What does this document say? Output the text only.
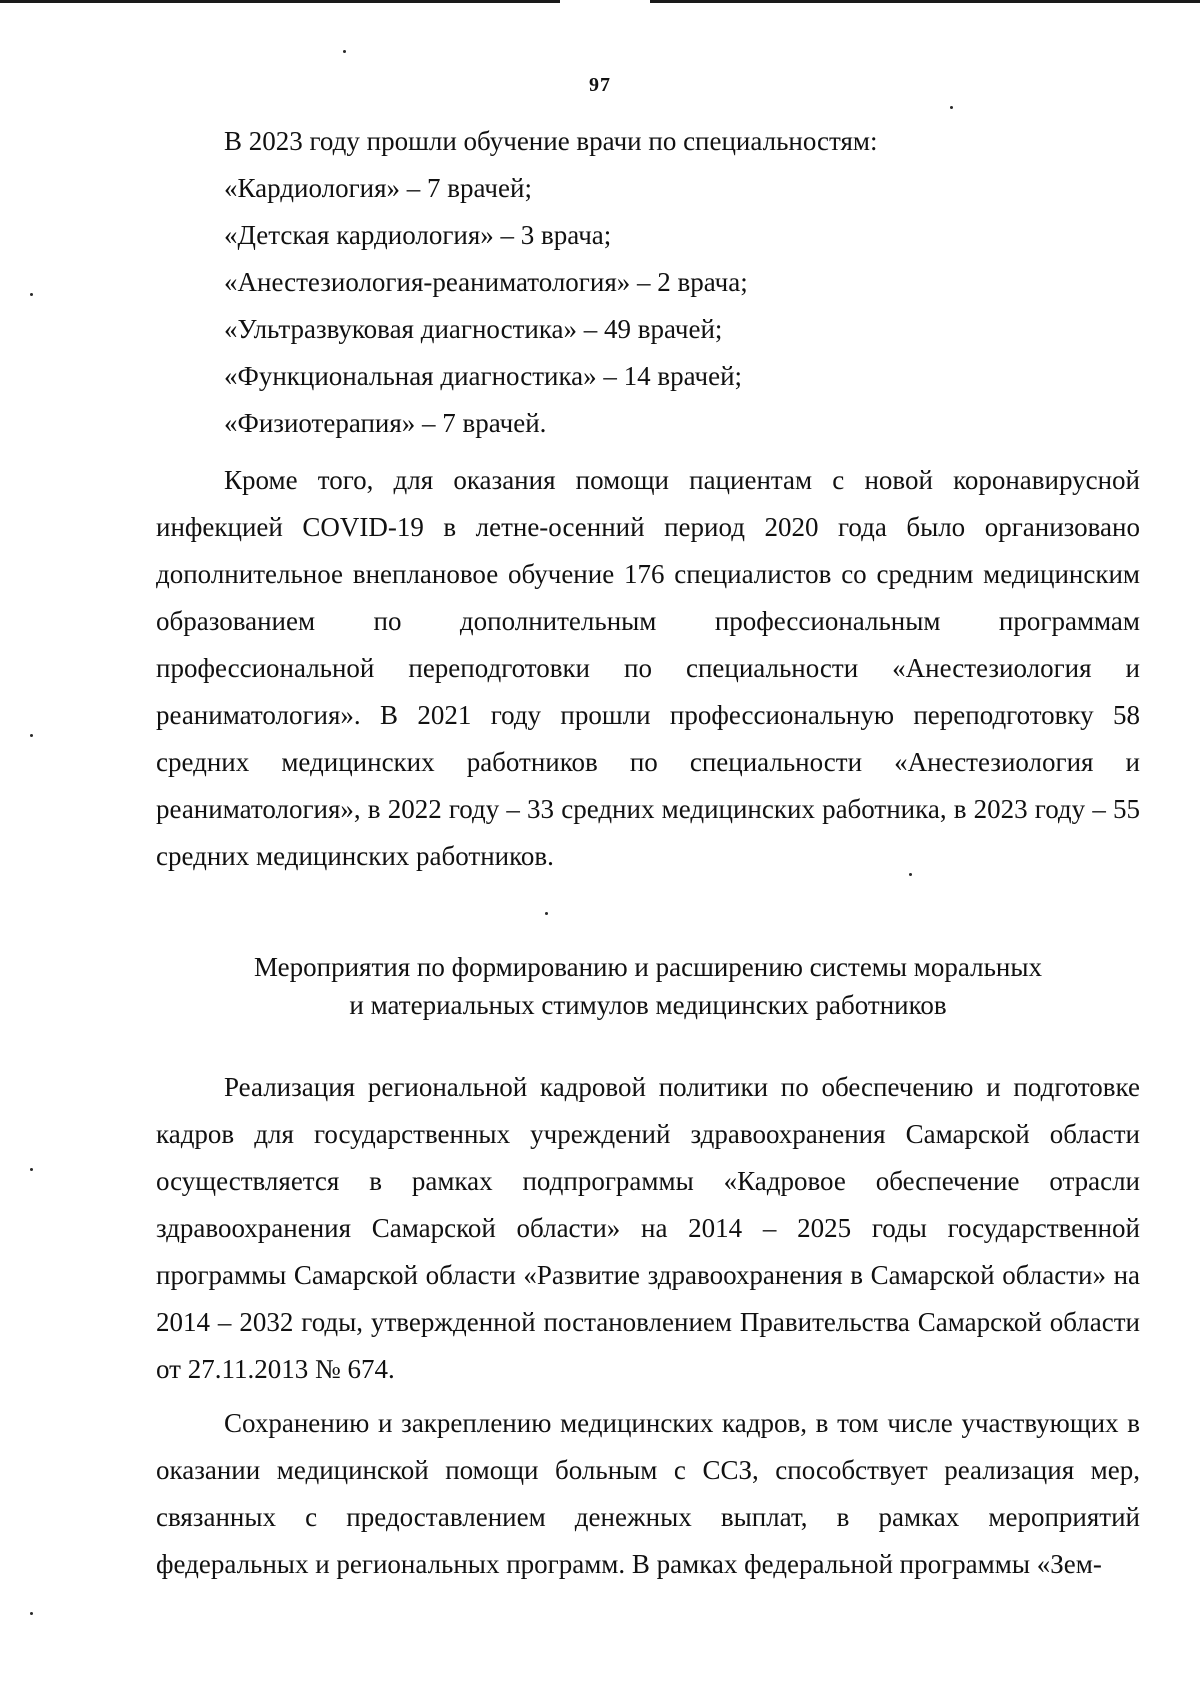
97
В 2023 году прошли обучение врачи по специальностям:
«Кардиология» – 7 врачей;
«Детская кардиология» – 3 врача;
«Анестезиология-реаниматология» – 2 врача;
«Ультразвуковая диагностика» – 49 врачей;
«Функциональная диагностика» – 14 врачей;
«Физиотерапия» – 7 врачей.

Кроме того, для оказания помощи пациентам с новой коронавирусной инфекцией COVID-19 в летне-осенний период 2020 года было организовано дополнительное внеплановое обучение 176 специалистов со средним медицинским образованием по дополнительным профессиональным программам профессиональной переподготовки по специальности «Анестезиология и реаниматология». В 2021 году прошли профессиональную переподготовку 58 средних медицинских работников по специальности «Анестезиология и реаниматология», в 2022 году – 33 средних медицинских работника, в 2023 году – 55 средних медицинских работников.

Мероприятия по формированию и расширению системы моральных
и материальных стимулов медицинских работников

Реализация региональной кадровой политики по обеспечению и подготовке кадров для государственных учреждений здравоохранения Самарской области осуществляется в рамках подпрограммы «Кадровое обеспечение отрасли здравоохранения Самарской области» на 2014 – 2025 годы государственной программы Самарской области «Развитие здравоохранения в Самарской области» на 2014 – 2032 годы, утвержденной постановлением Правительства Самарской области от 27.11.2013 № 674.

Сохранению и закреплению медицинских кадров, в том числе участвующих в оказании медицинской помощи больным с ССЗ, способствует реализация мер, связанных с предоставлением денежных выплат, в рамках мероприятий федеральных и региональных программ. В рамках федеральной программы «Зем-
